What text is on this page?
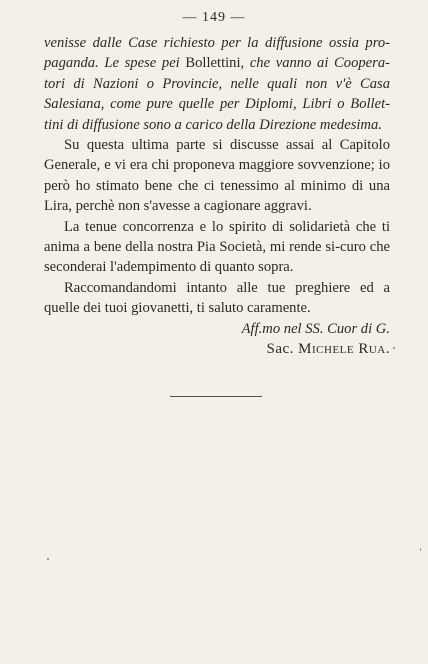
— 149 —

venisse dalle Case richiesto per la diffusione ossia pro-paganda. Le spese pei Bollettini, che vanno ai Coopera-tori di Nazioni o Provincie, nelle quali non v'è Casa Salesiana, come pure quelle per Diplomi, Libri o Bollet-tini di diffusione sono a carico della Direzione medesima.

Su questa ultima parte si discusse assai al Capitolo Generale, e vi era chi proponeva maggiore sovvenzione; io però ho stimato bene che ci tenessimo al minimo di una Lira, perchè non s'avesse a cagionare aggravi.

La tenue concorrenza e lo spirito di solidarietà che ti anima a bene della nostra Pia Società, mi rende si-curo che seconderai l'adempimento di quanto sopra.

Raccomandandomi intanto alle tue preghiere ed a quelle dei tuoi giovanetti, ti saluto caramente.

Aff.mo nel SS. Cuor di G.

Sac. Michele Rua.
